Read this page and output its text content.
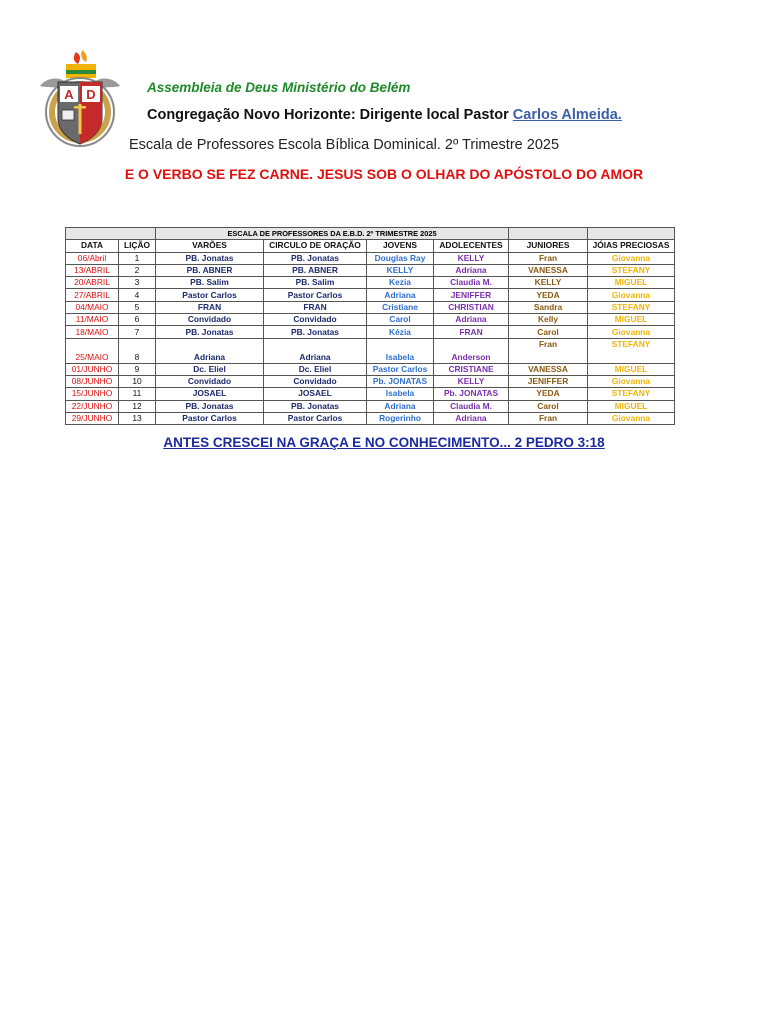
A D	Assembleia de Deus Ministério do Belém
Congregação Novo Horizonte: Dirigente local Pastor Carlos Almeida.
Escala de Professores Escola Bíblica Dominical. 2º Trimestre 2025
E O VERBO SE FEZ CARNE. JESUS SOB O OLHAR DO APÓSTOLO DO AMOR
		ESCALA DE PROFESSORES DA E.B.D. 2º TRIMESTRE 2025					
DATA	LIÇÃO	VARÕES	CIRCULO DE ORAÇÃO	JOVENS	ADOLECENTES	JUNIORES	JÓIAS PRECIOSAS
06/Abril	1	PB. Jonatas	PB. Jonatas	Douglas Ray	KELLY	Fran	Giovanna
13/ABRIL	2	PB. ABNER	PB. ABNER	KELLY	Adriana	VANESSA	STEFANY
20/ABRIL	3	PB. Salim	PB. Salim	Kezia	Claudia M.	KELLY	MIGUEL
27/ABRIL	4	Pastor Carlos	Pastor Carlos	Adriana	JENIFFER	YEDA	Giovanna
04/MAIO	5	FRAN	FRAN	Cristiane	CHRISTIAN	Sandra	STEFANY
11/MAIO	6	Convidado	Convidado	Carol	Adriana	Kelly	MIGUEL
18/MAIO	7	PB. Jonatas	PB. Jonatas	Kézia	FRAN	Carol	Giovanna
25/MAIO	8	Adriana	Adriana	Isabela	Anderson	Fran	STEFANY
01/JUNHO	9	Dc. Eliel	Dc. Eliel	Pastor Carlos	CRISTIANE	VANESSA	MIGUEL
08/JUNHO	10	Convidado	Convidado	Pb. JONATAS	KELLY	JENIFFER	Giovanna
15/JUNHO	11	JOSAEL	JOSAEL	Isabela	Pb. JONATAS	YEDA	STEFANY
22/JUNHO	12	PB. Jonatas	PB. Jonatas	Adriana	Claudia M.	Carol	MIGUEL
29/JUNHO	13	Pastor Carlos	Pastor Carlos	Rogerinho	Adriana	Fran	Giovanna
ANTES CRESCEI NA GRAÇA E NO CONHECIMENTO... 2 PEDRO 3:18
